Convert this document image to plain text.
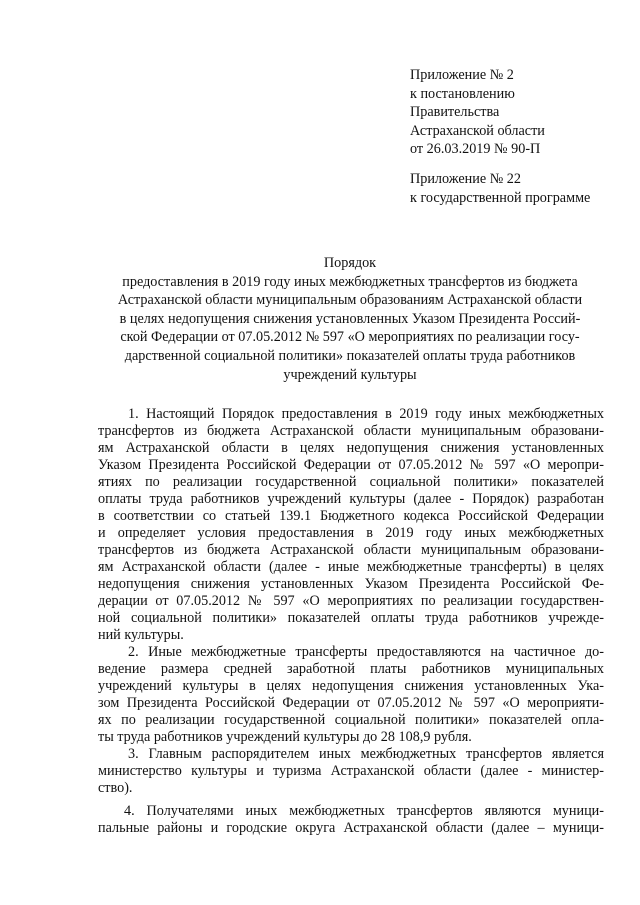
Приложение № 2
к постановлению
Правительства
Астраханской области
от 26.03.2019 № 90-П
Приложение № 22
к государственной программе
Порядок
предоставления в 2019 году иных межбюджетных трансфертов из бюджета
Астраханской области муниципальным образованиям Астраханской области
в целях недопущения снижения установленных Указом Президента Россий-
ской Федерации от 07.05.2012 № 597 «О мероприятиях по реализации госу-
дарственной социальной политики» показателей оплаты труда работников
учреждений культуры
1. Настоящий Порядок предоставления в 2019 году иных межбюджетных
трансфертов из бюджета Астраханской области муниципальным образовани-
ям Астраханской области в целях недопущения снижения установленных
Указом Президента Российской Федерации от 07.05.2012 № 597 «О меропри-
ятиях по реализации государственной социальной политики» показателей
оплаты труда работников учреждений культуры (далее - Порядок) разработан
в соответствии со статьей 139.1 Бюджетного кодекса Российской Федерации
и определяет условия предоставления в 2019 году иных межбюджетных
трансфертов из бюджета Астраханской области муниципальным образовани-
ям Астраханской области (далее - иные межбюджетные трансферты) в целях
недопущения снижения установленных Указом Президента Российской Фе-
дерации от 07.05.2012 № 597 «О мероприятиях по реализации государствен-
ной социальной политики» показателей оплаты труда работников учрежде-
ний культуры.
2. Иные межбюджетные трансферты предоставляются на частичное до-
ведение размера средней заработной платы работников муниципальных
учреждений культуры в целях недопущения снижения установленных Ука-
зом Президента Российской Федерации от 07.05.2012 № 597 «О мероприяти-
ях по реализации государственной социальной политики» показателей опла-
ты труда работников учреждений культуры до 28 108,9 рубля.
3. Главным распорядителем иных межбюджетных трансфертов является
министерство культуры и туризма Астраханской области (далее - министер-
ство).
4. Получателями иных межбюджетных трансфертов являются муници-
пальные районы и городские округа Астраханской области (далее – муници-
